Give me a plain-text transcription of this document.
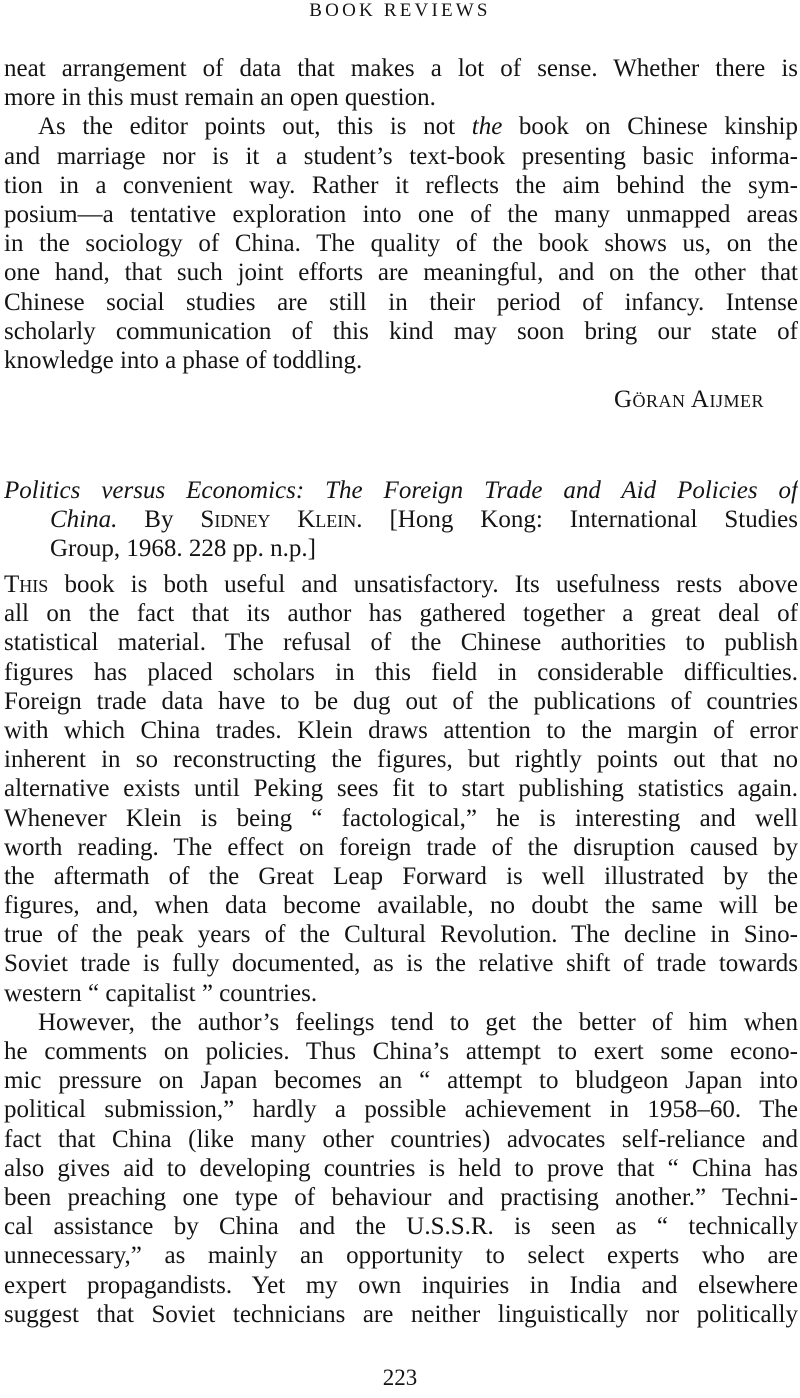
BOOK REVIEWS
neat arrangement of data that makes a lot of sense. Whether there is
more in this must remain an open question.
As the editor points out, this is not the book on Chinese kinship
and marriage nor is it a student’s text-book presenting basic informa-
tion in a convenient way. Rather it reflects the aim behind the sym-
posium—a tentative exploration into one of the many unmapped areas
in the sociology of China. The quality of the book shows us, on the
one hand, that such joint efforts are meaningful, and on the other that
Chinese social studies are still in their period of infancy. Intense
scholarly communication of this kind may soon bring our state of
knowledge into a phase of toddling.
Göran Aijmer
Politics versus Economics: The Foreign Trade and Aid Policies of
China. By Sidney Klein. [Hong Kong: International Studies
Group, 1968. 228 pp. n.p.]
This book is both useful and unsatisfactory. Its usefulness rests above
all on the fact that its author has gathered together a great deal of
statistical material. The refusal of the Chinese authorities to publish
figures has placed scholars in this field in considerable difficulties.
Foreign trade data have to be dug out of the publications of countries
with which China trades. Klein draws attention to the margin of error
inherent in so reconstructing the figures, but rightly points out that no
alternative exists until Peking sees fit to start publishing statistics again.
Whenever Klein is being “ factological,” he is interesting and well
worth reading. The effect on foreign trade of the disruption caused by
the aftermath of the Great Leap Forward is well illustrated by the
figures, and, when data become available, no doubt the same will be
true of the peak years of the Cultural Revolution. The decline in Sino-
Soviet trade is fully documented, as is the relative shift of trade towards
western “ capitalist ” countries.
However, the author’s feelings tend to get the better of him when
he comments on policies. Thus China’s attempt to exert some econo-
mic pressure on Japan becomes an “ attempt to bludgeon Japan into
political submission,” hardly a possible achievement in 1958–60. The
fact that China (like many other countries) advocates self-reliance and
also gives aid to developing countries is held to prove that “ China has
been preaching one type of behaviour and practising another.” Techni-
cal assistance by China and the U.S.S.R. is seen as “ technically
unnecessary,” as mainly an opportunity to select experts who are
expert propagandists. Yet my own inquiries in India and elsewhere
suggest that Soviet technicians are neither linguistically nor politically
223
